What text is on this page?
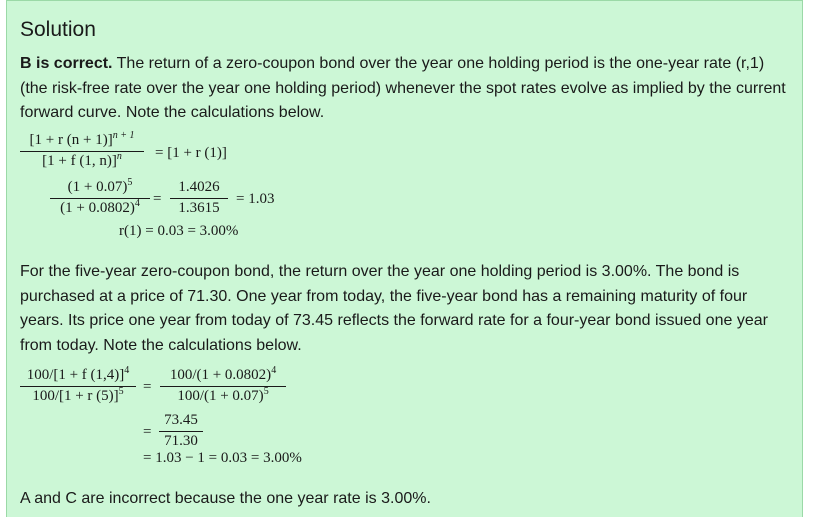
Solution

B is correct. The return of a zero-coupon bond over the year one holding period is the one-year rate (r,1) (the risk-free rate over the year one holding period) whenever the spot rates evolve as implied by the current forward curve. Note the calculations below.

[1 + r (n + 1)]$^{n + 1}$
[1 + f (1, n)]$^n$	= [1 + r (1)]
$(1 + 0.07)^5$
$(1 + 0.0802)^4$ =
1.4026
1.3615
= 1.03
r(1) = 0.03 = 3.00%

For the five-year zero-coupon bond, the return over the year one holding period is 3.00%. The bond is purchased at a price of 71.30. One year from today, the five-year bond has a remaining maturity of four years. Its price one year from today of 73.45 reflects the forward rate for a four-year bond issued one year from today. Note the calculations below.

100/[1 + f (1,4)]$^4$
100/[1 + r (5)]$^5$	=
$100/(1 + 0.0802)^4$
$100/(1 + 0.07)^5$
=
73.45
71.30
= 1.03 − 1 = 0.03 = 3.00%

A and C are incorrect because the one year rate is 3.00%.
